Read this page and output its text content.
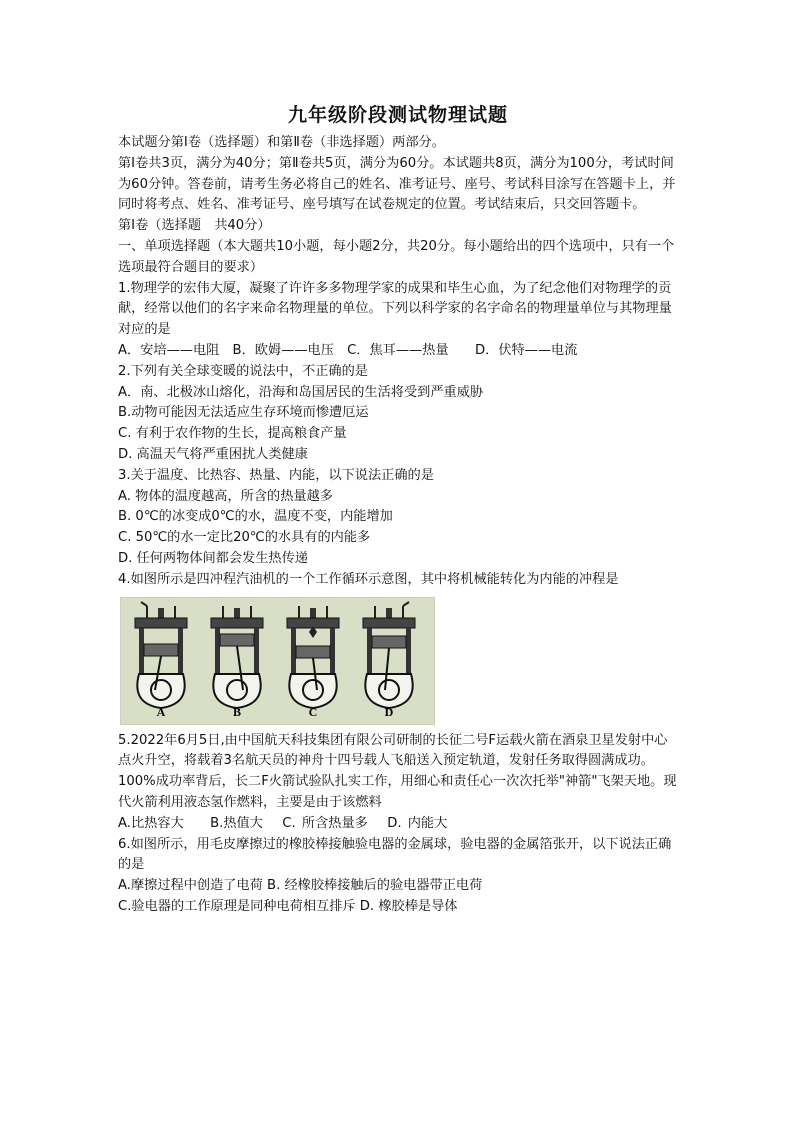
九年级阶段测试物理试题

本试题分第Ⅰ卷（选择题）和第Ⅱ卷（非选择题）两部分。

第Ⅰ卷共3页，满分为40分；第Ⅱ卷共5页，满分为60分。本试题共8页，满分为100分，考试时间为60分钟。答卷前，请考生务必将自己的姓名、准考证号、座号、考试科目涂写在答题卡上，并同时将考点、姓名、准考证号、座号填写在试卷规定的位置。考试结束后，只交回答题卡。

第Ⅰ卷（选择题　共40分）

一、单项选择题（本大题共10小题，每小题2分，共20分。每小题给出的四个选项中，只有一个选项最符合题目的要求）

1.物理学的宏伟大厦，凝聚了许许多多物理学家的成果和毕生心血，为了纪念他们对物理学的贡献，经常以他们的名字来命名物理量的单位。下列以科学家的名字命名的物理量单位与其物理量对应的是

A．安培——电阻　B．欧姆——电压　C．焦耳——热量　　D．伏特——电流

2.下列有关全球变暖的说法中，不正确的是

A．南、北极冰山熔化，沿海和岛国居民的生活将受到严重威胁

B.动物可能因无法适应生存环境而惨遭厄运

C. 有利于农作物的生长，提高粮食产量

D. 高温天气将严重困扰人类健康

3.关于温度、比热容、热量、内能，以下说法正确的是

A. 物体的温度越高，所含的热量越多

B. 0℃的冰变成0℃的水，温度不变，内能增加

C. 50℃的水一定比20℃的水具有的内能多

D. 任何两物体间都会发生热传递

4.如图所示是四冲程汽油机的一个工作循环示意图，其中将机械能转化为内能的冲程是

A	B	C	D

5.2022年6月5日,由中国航天科技集团有限公司研制的长征二号F运载火箭在酒泉卫星发射中心点火升空，将载着3名航天员的神舟十四号载人飞船送入预定轨道，发射任务取得圆满成功。100%成功率背后，长二F火箭试验队扎实工作，用细心和责任心一次次托举"神箭"飞架天地。现代火箭利用液态氢作燃料，主要是由于该燃料

A.比热容大　　B.热值大　 C. 所含热量多　 D. 内能大

6.如图所示，用毛皮摩擦过的橡胶棒接触验电器的金属球，验电器的金属箔张开，以下说法正确的是

A.摩擦过程中创造了电荷 B. 经橡胶棒接触后的验电器带正电荷

C.验电器的工作原理是同种电荷相互排斥 D. 橡胶棒是导体
